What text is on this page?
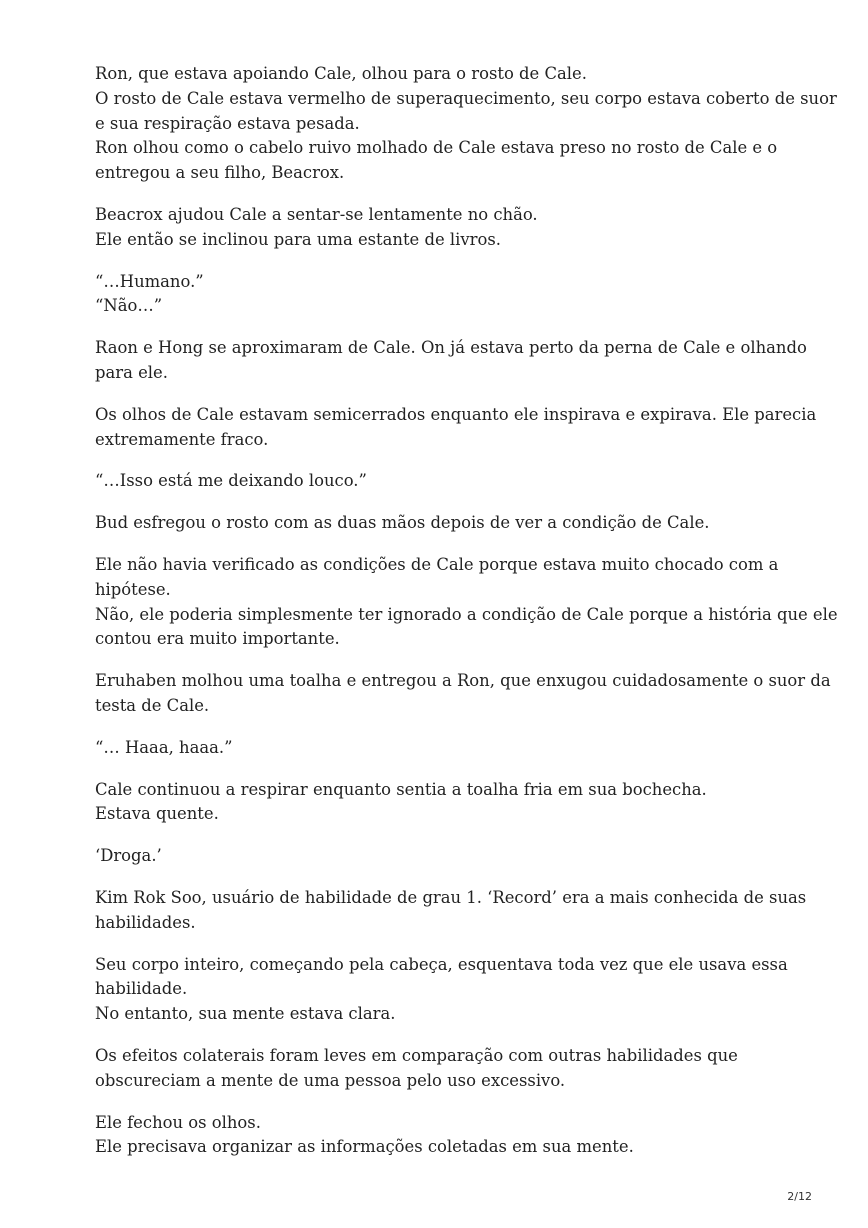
Ron, que estava apoiando Cale, olhou para o rosto de Cale.
O rosto de Cale estava vermelho de superaquecimento, seu corpo estava coberto de suor
e sua respiração estava pesada.
Ron olhou como o cabelo ruivo molhado de Cale estava preso no rosto de Cale e o
entregou a seu filho, Beacrox.

Beacrox ajudou Cale a sentar-se lentamente no chão.
Ele então se inclinou para uma estante de livros.

“…Humano.”
“Não…”

Raon e Hong se aproximaram de Cale. On já estava perto da perna de Cale e olhando
para ele.

Os olhos de Cale estavam semicerrados enquanto ele inspirava e expirava. Ele parecia
extremamente fraco.

“…Isso está me deixando louco.”

Bud esfregou o rosto com as duas mãos depois de ver a condição de Cale.

Ele não havia verificado as condições de Cale porque estava muito chocado com a
hipótese.
Não, ele poderia simplesmente ter ignorado a condição de Cale porque a história que ele
contou era muito importante.

Eruhaben molhou uma toalha e entregou a Ron, que enxugou cuidadosamente o suor da
testa de Cale.

“… Haaa, haaa.”

Cale continuou a respirar enquanto sentia a toalha fria em sua bochecha.
Estava quente.

‘Droga.’

Kim Rok Soo, usuário de habilidade de grau 1. ‘Record’ era a mais conhecida de suas
habilidades.

Seu corpo inteiro, começando pela cabeça, esquentava toda vez que ele usava essa
habilidade.
No entanto, sua mente estava clara.

Os efeitos colaterais foram leves em comparação com outras habilidades que
obscureciam a mente de uma pessoa pelo uso excessivo.

Ele fechou os olhos.
Ele precisava organizar as informações coletadas em sua mente.

2/12
